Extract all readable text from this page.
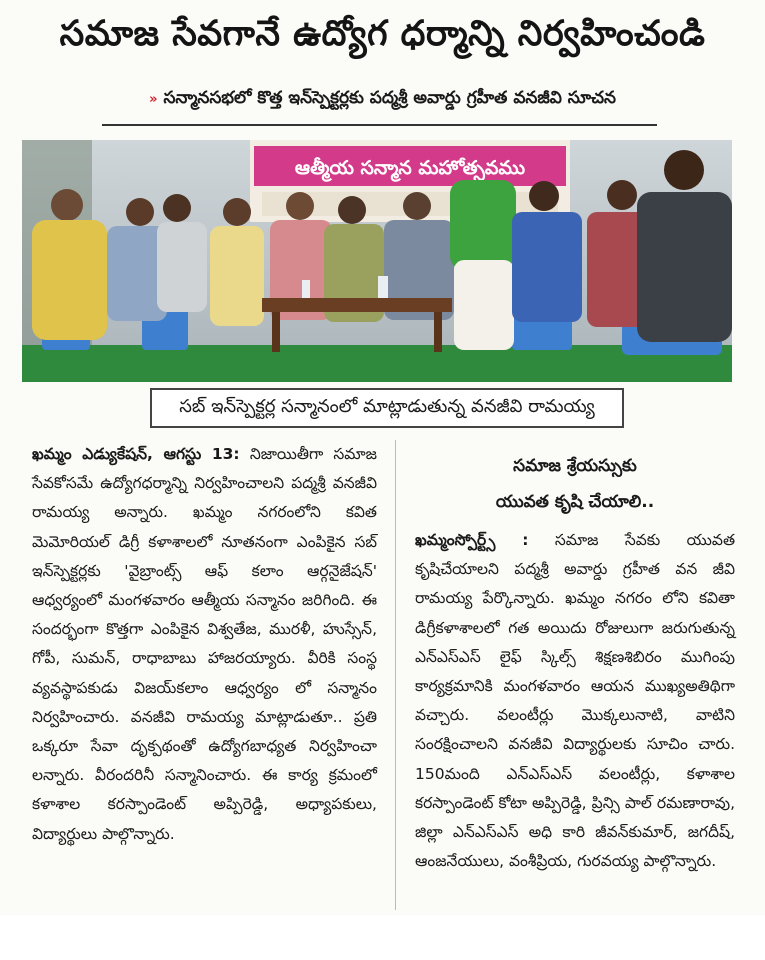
సమాజ సేవగానే ఉద్యోగ ధర్మాన్ని నిర్వహించండి
» సన్మానసభలో కొత్త ఇన్‌స్పెక్టర్లకు పద్మశ్రీ అవార్డు గ్రహీత వనజీవి సూచన
ఆత్మీయ సన్మాన మహోత్సవము
సబ్ ఇన్‌స్పెక్టర్ల సన్మానంలో మాట్లాడుతున్న వనజీవి రామయ్య

ఖమ్మం ఎడ్యుకేషన్, ఆగస్టు 13: నిజాయితీగా సమాజ సేవకోసమే ఉద్యోగధర్మాన్ని నిర్వహించాలని పద్మశ్రీ వనజీవి రామయ్య అన్నారు. ఖమ్మం నగరంలోని కవిత మెమోరియల్ డిగ్రీ కళాశాలలో నూతనంగా ఎంపికైన సబ్ ఇన్‌స్పెక్టర్లకు 'వైబ్రాంట్స్ ఆఫ్ కలాం ఆర్గనైజేషన్' ఆధ్వర్యంలో మంగళవారం ఆత్మీయ సన్మానం జరిగింది. ఈ సందర్భంగా కొత్తగా ఎంపికైన విశ్వతేజ, మురళీ, హుస్సేన్, గోపీ, సుమన్, రాధాబాబు హాజరయ్యారు. వీరికి సంస్థ వ్యవస్థాపకుడు విజయ్‌కలాం ఆధ్వర్యం లో సన్మానం నిర్వహించారు. వనజీవి రామయ్య మాట్లాడుతూ.. ప్రతి ఒక్కరూ సేవా దృక్పథంతో ఉద్యోగబాధ్యత నిర్వహించా లన్నారు. వీరందరినీ సన్మానించారు. ఈ కార్య క్రమంలో కళాశాల కరస్పాండెంట్ అప్పిరెడ్డి, అధ్యాపకులు, విద్యార్థులు పాల్గొన్నారు.

సమాజ శ్రేయస్సుకు
యువత కృషి చేయాలి..

ఖమ్మంస్పోర్ట్స్ : సమాజ సేవకు యువత కృషిచేయాలని పద్మశ్రీ అవార్డు గ్రహీత వన జీవి రామయ్య పేర్కొన్నారు. ఖమ్మం నగరం లోని కవితా డిగ్రీకళాశాలలో గత అయిదు రోజులుగా జరుగుతున్న ఎన్ఎస్ఎస్ లైఫ్ స్కిల్స్ శిక్షణశిబిరం ముగింపు కార్యక్రమానికి మంగళవారం ఆయన ముఖ్యఅతిథిగా వచ్చారు. వలంటీర్లు మొక్కలునాటి, వాటిని సంరక్షించాలని వనజీవి విద్యార్థులకు సూచిం చారు. 150మంది ఎన్ఎస్ఎస్ వలంటీర్లు, కళాశాల కరస్పాండెంట్ కోటా అప్పిరెడ్డి, ప్రిన్సి పాల్ రమణారావు, జిల్లా ఎన్ఎస్ఎస్ అధి కారి జీవన్‌కుమార్, జగదీష్, ఆంజనేయులు, వంశీప్రియ, గురవయ్య పాల్గొన్నారు.
